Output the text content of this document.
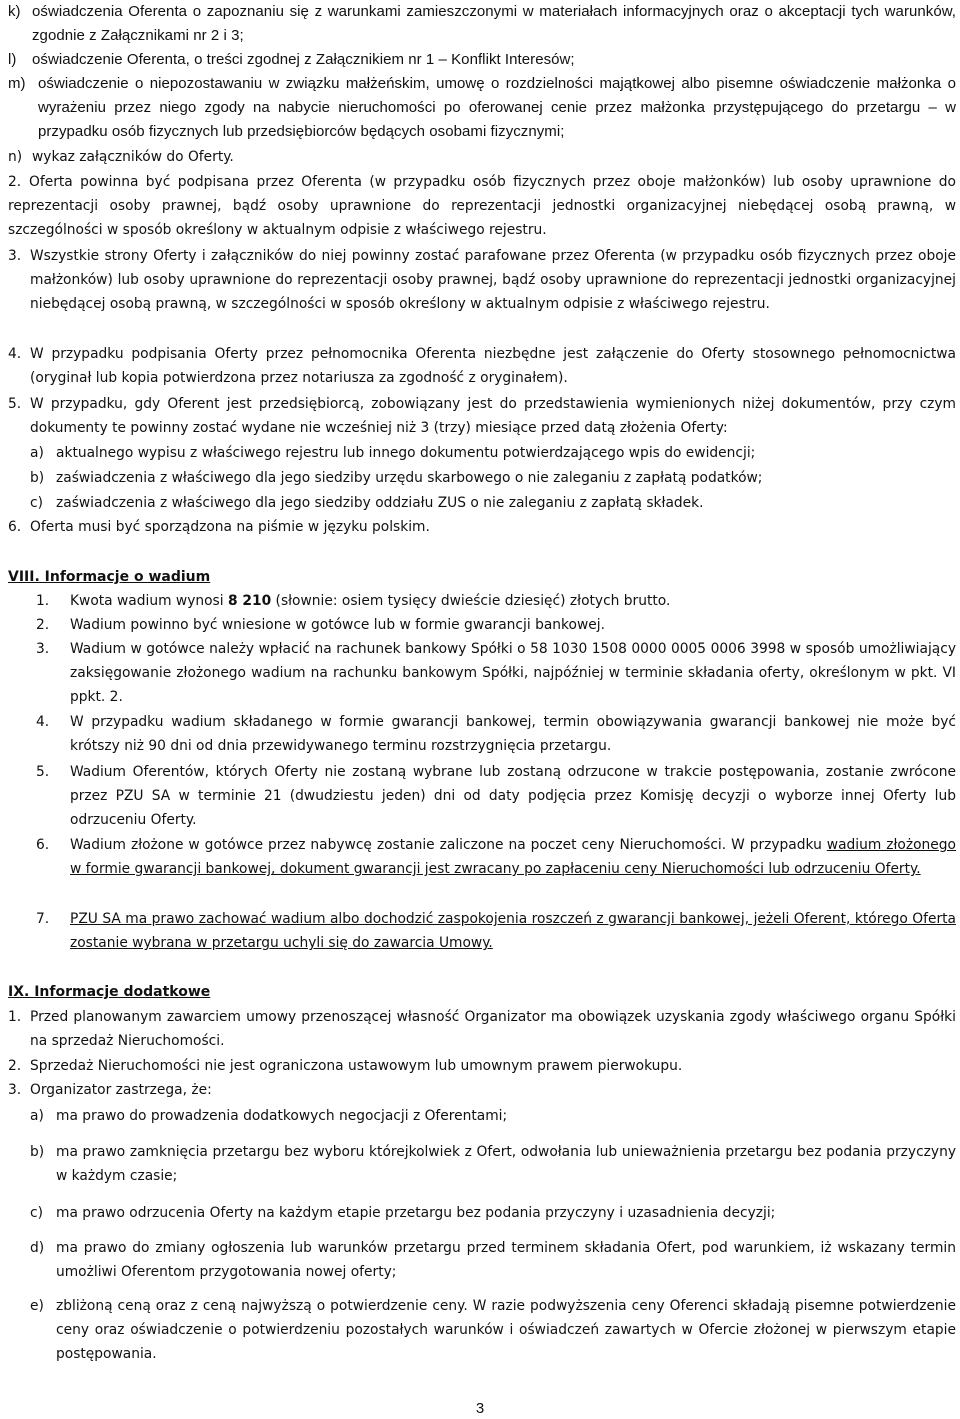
k) oświadczenia Oferenta o zapoznaniu się z warunkami zamieszczonymi w materiałach informacyjnych oraz o akceptacji tych warunków, zgodnie z Załącznikami nr 2 i 3;
l) oświadczenie Oferenta, o treści zgodnej z Załącznikiem nr 1 – Konflikt Interesów;
m) oświadczenie o niepozostawaniu w związku małżeńskim, umowę o rozdzielności majątkowej albo pisemne oświadczenie małżonka o wyrażeniu przez niego zgody na nabycie nieruchomości po oferowanej cenie przez małżonka przystępującego do przetargu – w przypadku osób fizycznych lub przedsiębiorców będących osobami fizycznymi;
n) wykaz załączników do Oferty.
2. Oferta powinna być podpisana przez Oferenta (w przypadku osób fizycznych przez oboje małżonków) lub osoby uprawnione do reprezentacji osoby prawnej, bądź osoby uprawnione do reprezentacji jednostki organizacyjnej niebędącej osobą prawną, w szczególności w sposób określony w aktualnym odpisie z właściwego rejestru.
3. Wszystkie strony Oferty i załączników do niej powinny zostać parafowane przez Oferenta (w przypadku osób fizycznych przez oboje małżonków) lub osoby uprawnione do reprezentacji osoby prawnej, bądź osoby uprawnione do reprezentacji jednostki organizacyjnej niebędącej osobą prawną, w szczególności w sposób określony w aktualnym odpisie z właściwego rejestru.
4. W przypadku podpisania Oferty przez pełnomocnika Oferenta niezbędne jest załączenie do Oferty stosownego pełnomocnictwa (oryginał lub kopia potwierdzona przez notariusza za zgodność z oryginałem).
5. W przypadku, gdy Oferent jest przedsiębiorcą, zobowiązany jest do przedstawienia wymienionych niżej dokumentów, przy czym dokumenty te powinny zostać wydane nie wcześniej niż 3 (trzy) miesiące przed datą złożenia Oferty:
a) aktualnego wypisu z właściwego rejestru lub innego dokumentu potwierdzającego wpis do ewidencji;
b) zaświadczenia z właściwego dla jego siedziby urzędu skarbowego o nie zaleganiu z zapłatą podatków;
c) zaświadczenia z właściwego dla jego siedziby oddziału ZUS o nie zaleganiu z zapłatą składek.
6. Oferta musi być sporządzona na piśmie w języku polskim.
VIII. Informacje o wadium
1. Kwota wadium wynosi 8 210 (słownie: osiem tysięcy dwieście dziesięć) złotych brutto.
2. Wadium powinno być wniesione w gotówce lub w formie gwarancji bankowej.
3. Wadium w gotówce należy wpłacić na rachunek bankowy Spółki o 58 1030 1508 0000 0005 0006 3998 w sposób umożliwiający zaksięgowanie złożonego wadium na rachunku bankowym Spółki, najpóźniej w terminie składania oferty, określonym w pkt. VI ppkt. 2.
4. W przypadku wadium składanego w formie gwarancji bankowej, termin obowiązywania gwarancji bankowej nie może być krótszy niż 90 dni od dnia przewidywanego terminu rozstrzygnięcia przetargu.
5. Wadium Oferentów, których Oferty nie zostaną wybrane lub zostaną odrzucone w trakcie postępowania, zostanie zwrócone przez PZU SA w terminie 21 (dwudziestu jeden) dni od daty podjęcia przez Komisję decyzji o wyborze innej Oferty lub odrzuceniu Oferty.
6. Wadium złożone w gotówce przez nabywcę zostanie zaliczone na poczet ceny Nieruchomości. W przypadku wadium złożonego w formie gwarancji bankowej, dokument gwarancji jest zwracany po zapłaceniu ceny Nieruchomości lub odrzuceniu Oferty.
7. PZU SA ma prawo zachować wadium albo dochodzić zaspokojenia roszczeń z gwarancji bankowej, jeżeli Oferent, którego Oferta zostanie wybrana w przetargu uchyli się do zawarcia Umowy.
IX. Informacje dodatkowe
1. Przed planowanym zawarciem umowy przenoszącej własność Organizator ma obowiązek uzyskania zgody właściwego organu Spółki na sprzedaż Nieruchomości.
2. Sprzedaż Nieruchomości nie jest ograniczona ustawowym lub umownym prawem pierwokupu.
3. Organizator zastrzega, że:
a) ma prawo do prowadzenia dodatkowych negocjacji z Oferentami;
b) ma prawo zamknięcia przetargu bez wyboru którejkolwiek z Ofert, odwołania lub unieważnienia przetargu bez podania przyczyny w każdym czasie;
c) ma prawo odrzucenia Oferty na każdym etapie przetargu bez podania przyczyny i uzasadnienia decyzji;
d) ma prawo do zmiany ogłoszenia lub warunków przetargu przed terminem składania Ofert, pod warunkiem, iż wskazany termin umożliwi Oferentom przygotowania nowej oferty;
e) zbliżoną ceną oraz z ceną najwyższą o potwierdzenie ceny. W razie podwyższenia ceny Oferenci składają pisemne potwierdzenie ceny oraz oświadczenie o potwierdzeniu pozostałych warunków i oświadczeń zawartych w Ofercie złożonej w pierwszym etapie postępowania.
3
